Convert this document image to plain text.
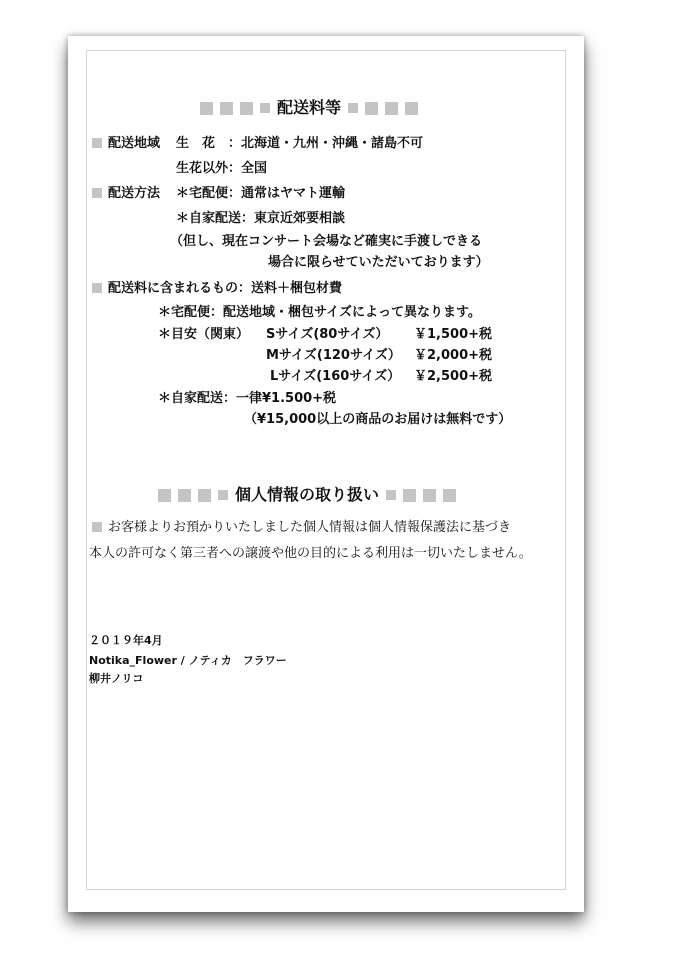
配送料等
配送地域 生　花 ：北海道・九州・沖縄・諸島不可
生花以外：全国
配送方法 ＊宅配便：通常はヤマト運輸
＊自家配送：東京近郊要相談
（但し、現在コンサート会場など確実に手渡しできる
場合に限らせていただいております）
配送料に含まれるもの：送料＋梱包材費
＊宅配便：配送地域・梱包サイズによって異なります。
＊目安（関東） Sサイズ(80サイズ） ￥1,500+税
Mサイズ(120サイズ） ￥2,000+税
Lサイズ(160サイズ） ￥2,500+税
＊自家配送：一律¥1.500+税
（¥15,000以上の商品のお届けは無料です）
個人情報の取り扱い
お客様よりお預かりいたしました個人情報は個人情報保護法に基づき
本人の許可なく第三者への譲渡や他の目的による利用は一切いたしません。
２０１９年4月
Notika_Flower / ノティカ　フラワー
柳井ノリコ
